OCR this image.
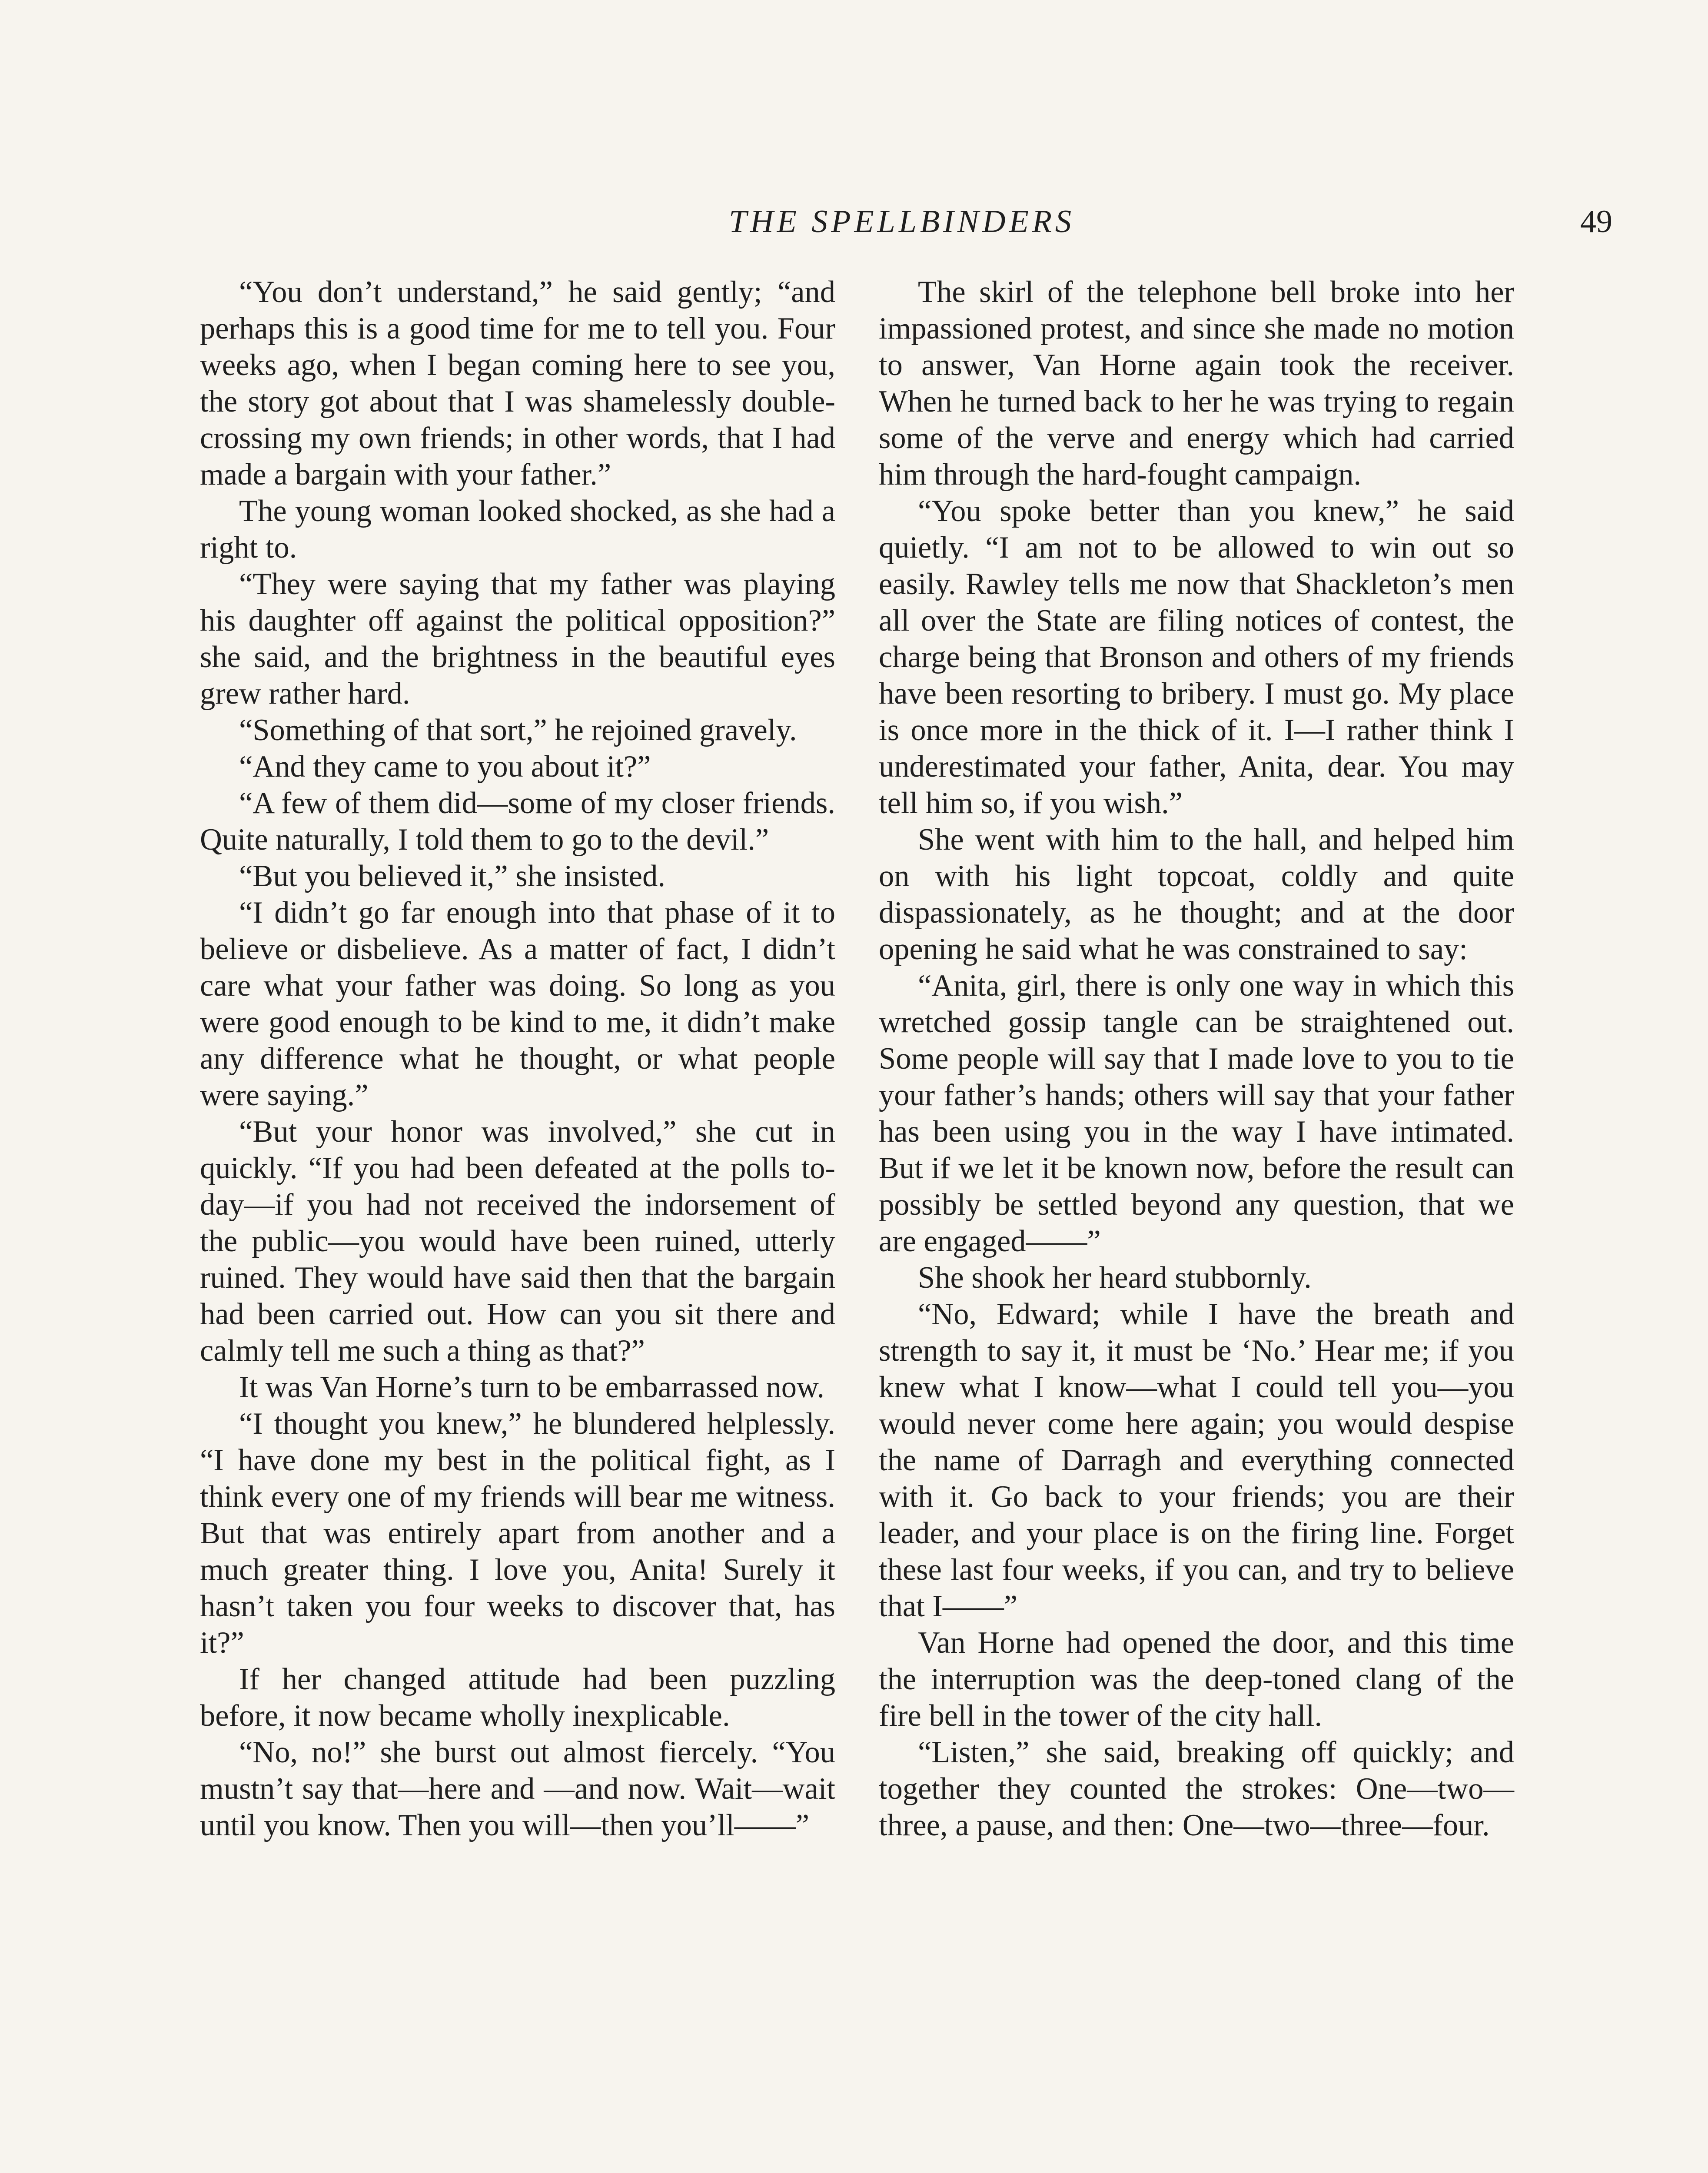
THE SPELLBINDERS	49

“You don’t understand,” he said gently; “and perhaps this is a good time for me to tell you. Four weeks ago, when I began coming here to see you, the story got about that I was shamelessly double-crossing my own friends; in other words, that I had made a bargain with your father.”

The young woman looked shocked, as she had a right to.

“They were saying that my father was playing his daughter off against the political opposition?” she said, and the brightness in the beautiful eyes grew rather hard.

“Something of that sort,” he rejoined gravely.

“And they came to you about it?”

“A few of them did—some of my closer friends. Quite naturally, I told them to go to the devil.”

“But you believed it,” she insisted.

“I didn’t go far enough into that phase of it to believe or disbelieve. As a matter of fact, I didn’t care what your father was doing. So long as you were good enough to be kind to me, it didn’t make any difference what he thought, or what people were saying.”

“But your honor was involved,” she cut in quickly. “If you had been defeated at the polls to-day—if you had not received the indorsement of the public—you would have been ruined, utterly ruined. They would have said then that the bargain had been carried out. How can you sit there and calmly tell me such a thing as that?”

It was Van Horne’s turn to be embarrassed now.

“I thought you knew,” he blundered helplessly. “I have done my best in the political fight, as I think every one of my friends will bear me witness. But that was entirely apart from another and a much greater thing. I love you, Anita! Surely it hasn’t taken you four weeks to discover that, has it?”

If her changed attitude had been puzzling before, it now became wholly inexplicable.

“No, no!” she burst out almost fiercely. “You mustn’t say that—here and —and now. Wait—wait until you know. Then you will—then you’ll——”

The skirl of the telephone bell broke into her impassioned protest, and since she made no motion to answer, Van Horne again took the receiver. When he turned back to her he was trying to regain some of the verve and energy which had carried him through the hard-fought campaign.

“You spoke better than you knew,” he said quietly. “I am not to be allowed to win out so easily. Rawley tells me now that Shackleton’s men all over the State are filing notices of contest, the charge being that Bronson and others of my friends have been resorting to bribery. I must go. My place is once more in the thick of it. I—I rather think I underestimated your father, Anita, dear. You may tell him so, if you wish.”

She went with him to the hall, and helped him on with his light topcoat, coldly and quite dispassionately, as he thought; and at the door opening he said what he was constrained to say:

“Anita, girl, there is only one way in which this wretched gossip tangle can be straightened out. Some people will say that I made love to you to tie your father’s hands; others will say that your father has been using you in the way I have intimated. But if we let it be known now, before the result can possibly be settled beyond any question, that we are engaged——”

She shook her heard stubbornly.

“No, Edward; while I have the breath and strength to say it, it must be ‘No.’ Hear me; if you knew what I know—what I could tell you—you would never come here again; you would despise the name of Darragh and everything connected with it. Go back to your friends; you are their leader, and your place is on the firing line. Forget these last four weeks, if you can, and try to believe that I——”

Van Horne had opened the door, and this time the interruption was the deep-toned clang of the fire bell in the tower of the city hall.

“Listen,” she said, breaking off quickly; and together they counted the strokes: One—two—three, a pause, and then: One—two—three—four.
